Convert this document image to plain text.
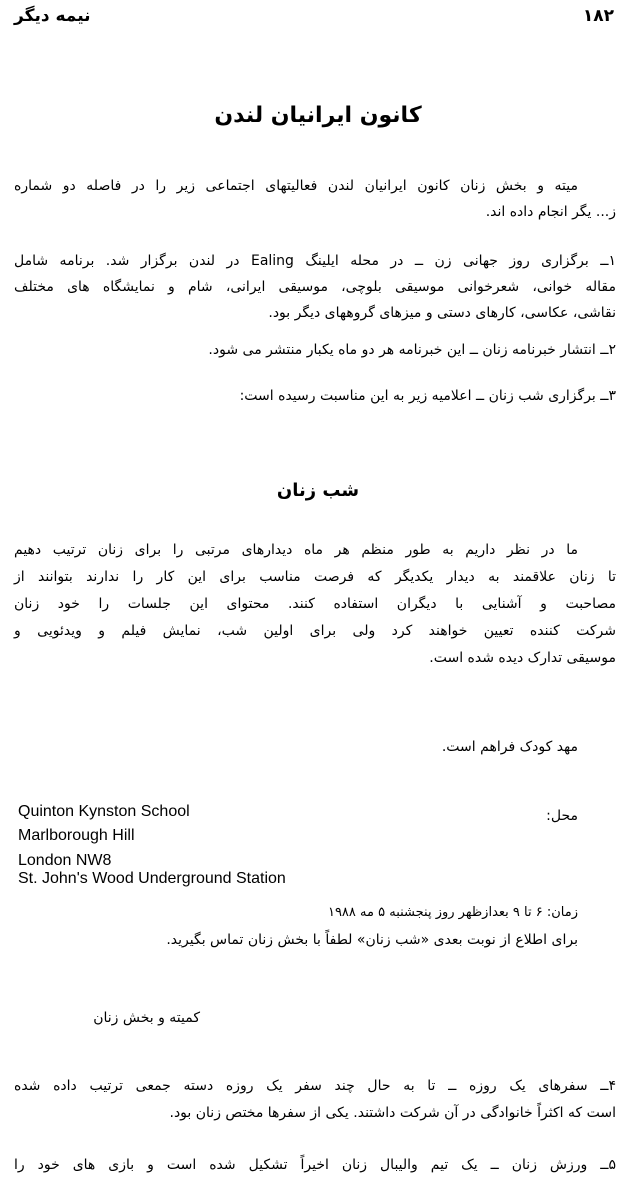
۱۸۲
نیمه دیگر
کانون ایرانیان لندن
میته و بخش زنان کانون ایرانیان لندن فعالیتهای اجتماعی زیر را در فاصله دو شماره
ز... یگر انجام داده اند.
۱ــ برگزاری روز جهانی زن ــ در محله ایلینگ Ealing در لندن برگزار شد. برنامه شامل
مقاله خوانی، شعرخوانی موسیقی بلوچی، موسیقی ایرانی، شام و نمایشگاه های مختلف
نقاشی، عکاسی، کارهای دستی و میزهای گروههای دیگر بود.
۲ــ انتشار خبرنامه زنان ــ این خبرنامه هر دو ماه یکبار منتشر می شود.
۳ــ برگزاری شب زنان ــ اعلامیه زیر به این مناسبت رسیده است:
شب زنان
ما در نظر داریم به طور منظم هر ماه دیدارهای مرتبی را برای زنان ترتیب دهیم
تا زنان علاقمند به دیدار یکدیگر که فرصت مناسب برای این کار را ندارند بتوانند از
مصاحبت و آشنایی با دیگران استفاده کنند. محتوای این جلسات را خود زنان
شرکت کننده تعیین خواهند کرد ولی برای اولین شب، نمایش فیلم و ویدئویی و
موسیقی تدارک دیده شده است.
مهد کودک فراهم است.
محل:
Quinton Kynston School
Marlborough Hill
London NW8
St. John's Wood Underground Station
زمان: ۶ تا ۹ بعدازظهر روز پنجشنبه ۵ مه ۱۹۸۸
برای اطلاع از نوبت بعدی «شب زنان» لطفاً با بخش زنان تماس بگیرید.
کمیته و بخش زنان
۴ــ سفرهای یک روزه ــ تا به حال چند سفر یک روزه دسته جمعی ترتیب داده شده
است که اکثراً خانوادگی در آن شرکت داشتند. یکی از سفرها مختص زنان بود.
۵ــ ورزش زنان ــ یک تیم والیبال زنان اخیراً تشکیل شده است و بازی های خود را
